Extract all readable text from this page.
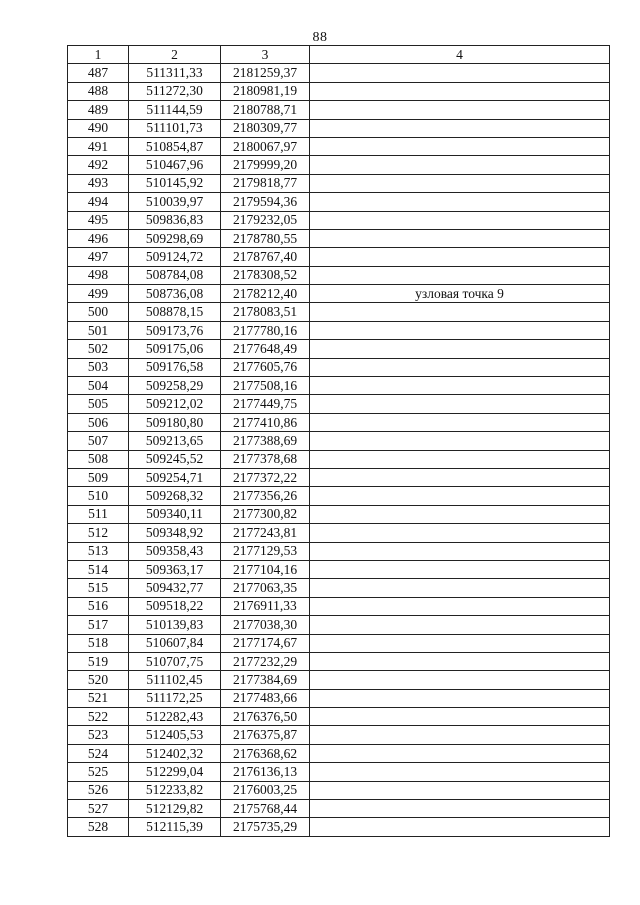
88
1	2	3	4
487	511311,33	2181259,37	
488	511272,30	2180981,19	
489	511144,59	2180788,71	
490	511101,73	2180309,77	
491	510854,87	2180067,97	
492	510467,96	2179999,20	
493	510145,92	2179818,77	
494	510039,97	2179594,36	
495	509836,83	2179232,05	
496	509298,69	2178780,55	
497	509124,72	2178767,40	
498	508784,08	2178308,52	
499	508736,08	2178212,40	узловая точка 9
500	508878,15	2178083,51	
501	509173,76	2177780,16	
502	509175,06	2177648,49	
503	509176,58	2177605,76	
504	509258,29	2177508,16	
505	509212,02	2177449,75	
506	509180,80	2177410,86	
507	509213,65	2177388,69	
508	509245,52	2177378,68	
509	509254,71	2177372,22	
510	509268,32	2177356,26	
511	509340,11	2177300,82	
512	509348,92	2177243,81	
513	509358,43	2177129,53	
514	509363,17	2177104,16	
515	509432,77	2177063,35	
516	509518,22	2176911,33	
517	510139,83	2177038,30	
518	510607,84	2177174,67	
519	510707,75	2177232,29	
520	511102,45	2177384,69	
521	511172,25	2177483,66	
522	512282,43	2176376,50	
523	512405,53	2176375,87	
524	512402,32	2176368,62	
525	512299,04	2176136,13	
526	512233,82	2176003,25	
527	512129,82	2175768,44	
528	512115,39	2175735,29	
